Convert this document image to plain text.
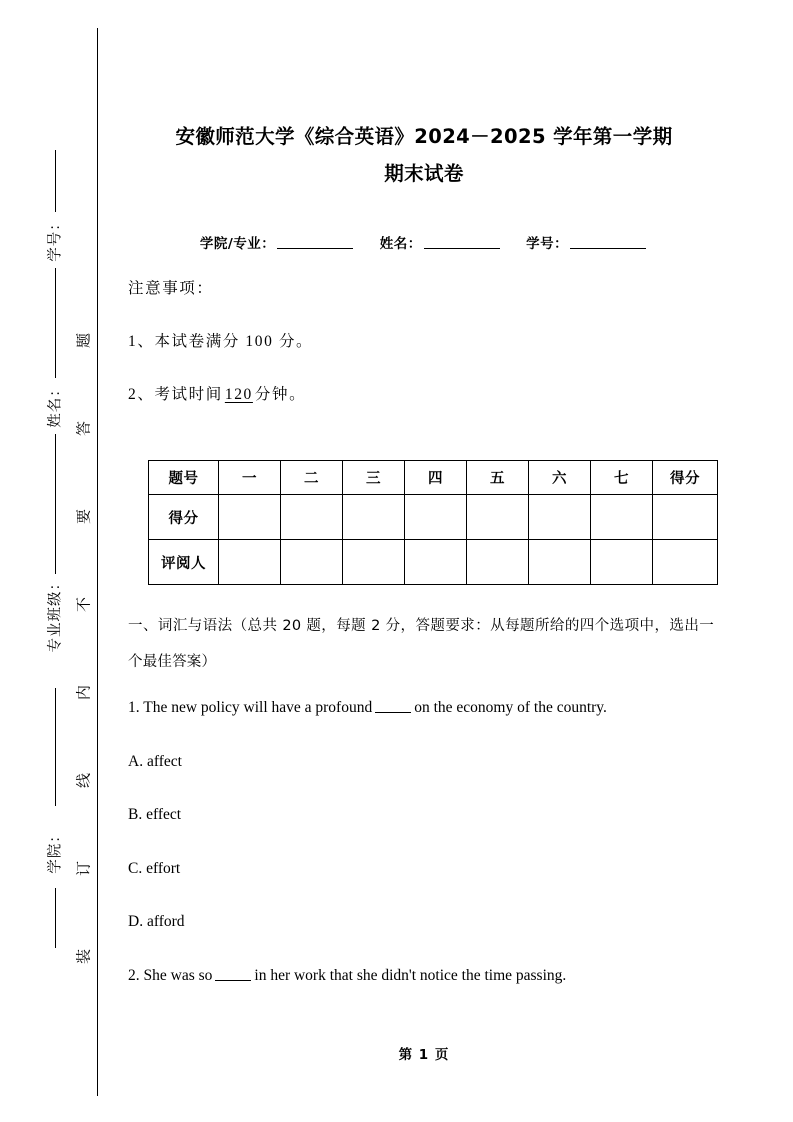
学号：
姓名：
专业班级：
学院：
题
答
要
不
内
线
订
装
安徽师范大学《综合英语》2024－2025 学年第一学期
期末试卷
学院/专业：	姓名：	学号：
注意事项：
1、本试卷满分 100 分。
2、考试时间 120 分钟。
题号	一	二	三	四	五	六	七	得分
得分								
评阅人								
一、词汇与语法（总共 20 题，每题 2 分，答题要求：从每题所给的四个选项中，选出一个最佳答案）
1. The new policy will have a profound	on the economy of the country.
A. affect
B. effect
C. effort
D. afford
2. She was so	in her work that she didn't notice the time passing.
第 1 页
